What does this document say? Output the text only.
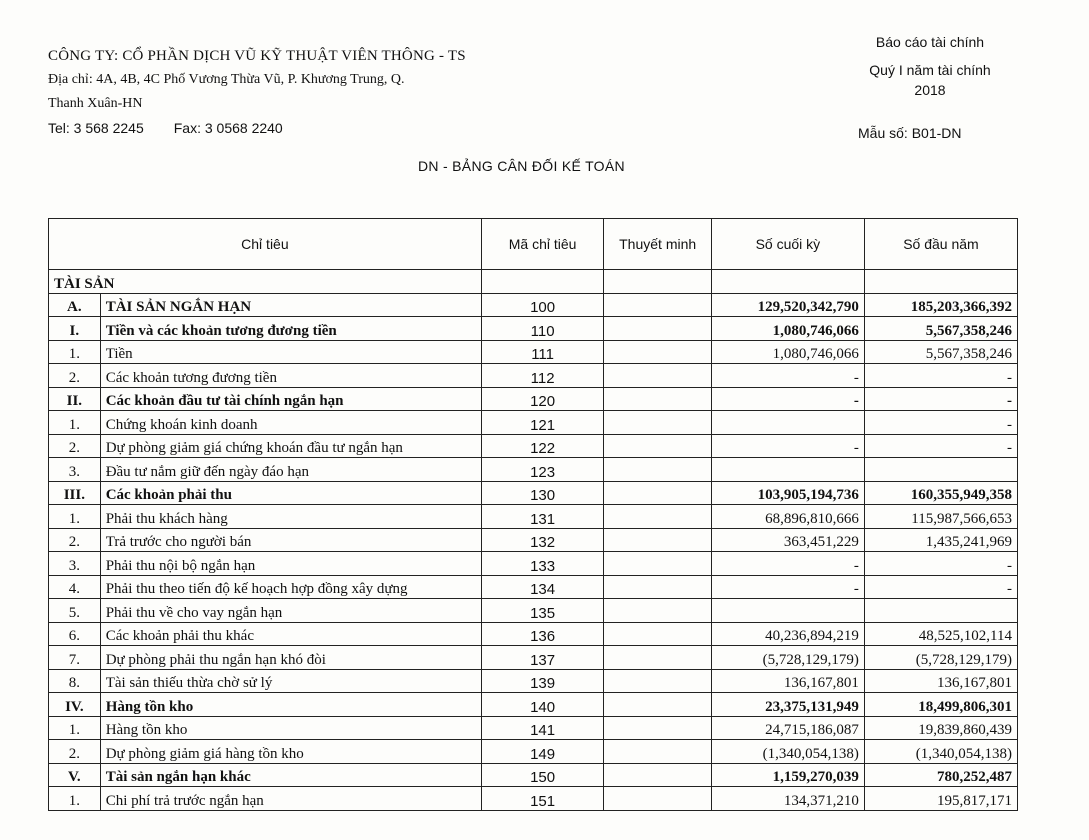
CÔNG TY: CỔ PHẦN DỊCH VŨ KỸ THUẬT VIÊN THÔNG - TS
Địa chỉ: 4A, 4B, 4C Phố Vương Thừa Vũ, P. Khương Trung, Q.
Thanh Xuân-HN
Tel: 3 568 2245 Fax: 3 0568 2240
Báo cáo tài chính
Quý I năm tài chính
2018
Mẫu số: B01-DN
DN - BẢNG CÂN ĐỐI KẾ TOÁN
Chỉ tiêu		Mã chỉ tiêu	Thuyết minh	Số cuối kỳ	Số đầu năm
TÀI SẢN					
A.	TÀI SẢN NGẮN HẠN	100		129,520,342,790	185,203,366,392
I.	Tiền và các khoản tương đương tiền	110		1,080,746,066	5,567,358,246
1.	Tiền	111		1,080,746,066	5,567,358,246
2.	Các khoản tương đương tiền	112		-	-
II.	Các khoản đầu tư tài chính ngắn hạn	120		-	-
1.	Chứng khoán kinh doanh	121			-
2.	Dự phòng giảm giá chứng khoán đầu tư ngắn hạn	122		-	-
3.	Đầu tư nắm giữ đến ngày đáo hạn	123			
III.	Các khoản phải thu	130		103,905,194,736	160,355,949,358
1.	Phải thu khách hàng	131		68,896,810,666	115,987,566,653
2.	Trả trước cho người bán	132		363,451,229	1,435,241,969
3.	Phải thu nội bộ ngắn hạn	133		-	-
4.	Phải thu theo tiến độ kế hoạch hợp đồng xây dựng	134		-	-
5.	Phải thu về cho vay ngắn hạn	135			
6.	Các khoản phải thu khác	136		40,236,894,219	48,525,102,114
7.	Dự phòng phải thu ngắn hạn khó đòi	137		(5,728,129,179)	(5,728,129,179)
8.	Tài sản thiếu thừa chờ sử lý	139		136,167,801	136,167,801
IV.	Hàng tồn kho	140		23,375,131,949	18,499,806,301
1.	Hàng tồn kho	141		24,715,186,087	19,839,860,439
2.	Dự phòng giảm giá hàng tồn kho	149		(1,340,054,138)	(1,340,054,138)
V.	Tài sản ngắn hạn khác	150		1,159,270,039	780,252,487
1.	Chi phí trả trước ngắn hạn	151		134,371,210	195,817,171
